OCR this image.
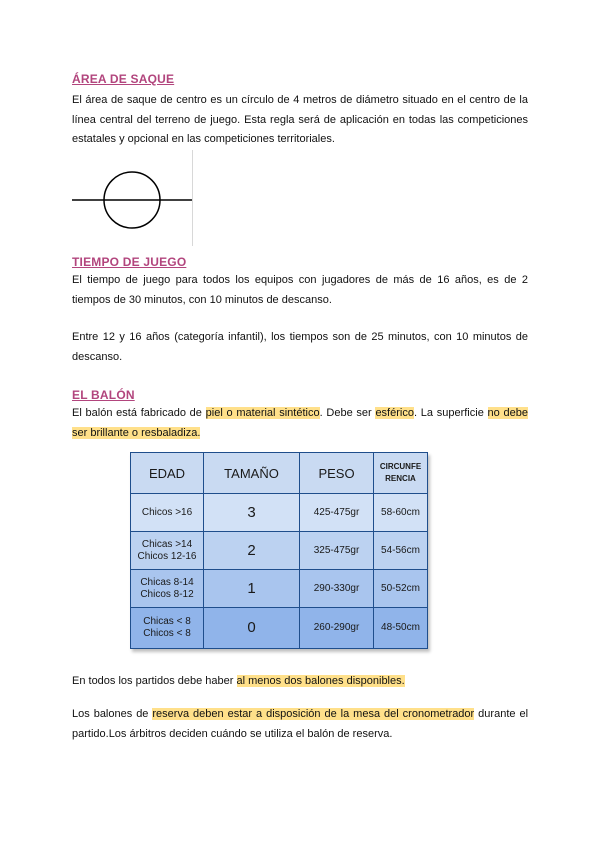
ÁREA DE SAQUE

El área de saque de centro es un círculo de 4 metros de diámetro situado en el centro de la línea central del terreno de juego. Esta regla será de aplicación en todas las competiciones estatales y opcional en las competiciones territoriales.

TIEMPO DE JUEGO

El tiempo de juego para todos los equipos con jugadores de más de 16 años, es de 2 tiempos de 30 minutos, con 10 minutos de descanso.

Entre 12 y 16 años (categoría infantil), los tiempos son de 25 minutos, con 10 minutos de descanso.

EL BALÓN

El balón está fabricado de piel o material sintético. Debe ser esférico. La superficie no debe ser brillante o resbaladiza.

EDAD	TAMAÑO	PESO	CIRCUNFE
RENCIA
Chicos >16	3	425-475gr	58-60cm
Chicas >14
Chicos 12-16	2	325-475gr	54-56cm
Chicas 8-14
Chicos 8-12	1	290-330gr	50-52cm
Chicas < 8
Chicos < 8	0	260-290gr	48-50cm

En todos los partidos debe haber al menos dos balones disponibles.

Los balones de reserva deben estar a disposición de la mesa del cronometrador durante el partido.Los árbitros deciden cuándo se utiliza el balón de reserva.
